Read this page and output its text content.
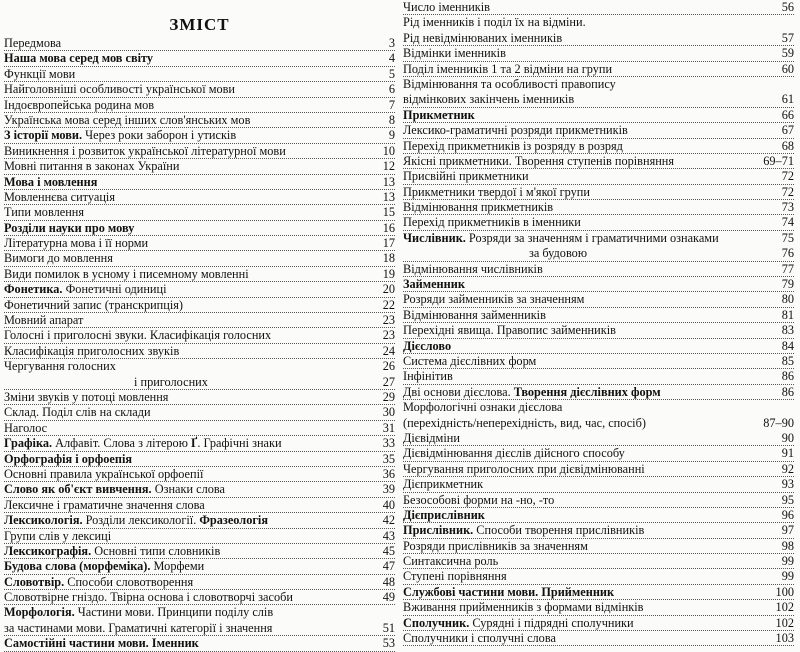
ЗМІСТ
Передмова	3
Наша мова серед мов світу	4
Функції мови	5
Найголовніші особливості української мови	6
Індоєвропейська родина мов	7
Українська мова серед інших слов'янських мов	8
З історії мови. Через роки заборон і утисків	9
Виникнення і розвиток української літературної мови	10
Мовні питання в законах України	12
Мова і мовлення	13
Мовленнєва ситуація	13
Типи мовлення	15
Розділи науки про мову	16
Літературна мова і її норми	17
Вимоги до мовлення	18
Види помилок в усному і писемному мовленні	19
Фонетика. Фонетичні одиниці	20
Фонетичний запис (транскрипція)	22
Мовний апарат	23
Голосні і приголосні звуки. Класифікація голосних	23
Класифікація приголосних звуків	24
Чергування голосних	26
і приголосних	27
Зміни звуків у потоці мовлення	29
Склад. Поділ слів на склади	30
Наголос	31
Графіка. Алфавіт. Слова з літерою Ґ. Графічні знаки	33
Орфографія і орфоепія	35
Основні правила української орфоепії	36
Слово як об'єкт вивчення. Ознаки слова	39
Лексичне і граматичне значення слова	40
Лексикологія. Розділи лексикології. Фразеологія	42
Групи слів у лексиці	43
Лексикографія. Основні типи словників	45
Будова слова (морфеміка). Морфеми	47
Словотвір. Способи словотворення	48
Словотвірне гніздо. Твірна основа і словотворчі засоби	49
Морфологія. Частини мови. Принципи поділу слів
за частинами мови. Граматичні категорії і значення	51
Самостійні частини мови. Іменник	53
Число іменників	56
Рід іменників і поділ їх на відміни.
Рід невідмінюваних іменників	57
Відмінки іменників	59
Поділ іменників 1 та 2 відміни на групи	60
Відмінювання та особливості правопису
відмінкових закінчень іменників	61
Прикметник	66
Лексико-граматичні розряди прикметників	67
Перехід прикметників із розряду в розряд	68
Якісні прикметники. Творення ступенів порівняння	69–71
Присвійні прикметники	72
Прикметники твердої і м'якої групи	72
Відмінювання прикметників	73
Перехід прикметників в іменники	74
Числівник. Розряди за значенням і граматичними ознаками	75
за будовою	76
Відмінювання числівників	77
Займенник	79
Розряди займенників за значенням	80
Відмінювання займенників	81
Перехідні явища. Правопис займенників	83
Дієслово	84
Система дієслівних форм	85
Інфінітив	86
Дві основи дієслова. Творення дієслівних форм	86
Морфологічні ознаки дієслова
(перехідність/неперехідність, вид, час, спосіб)	87–90
Дієвідміни	90
Дієвідмінювання дієслів дійсного способу	91
Чергування приголосних при дієвідмінюванні	92
Дієприкметник	93
Безособові форми на -но, -то	95
Дієприслівник	96
Прислівник. Способи творення прислівників	97
Розряди прислівників за значенням	98
Синтаксична роль	99
Ступені порівняння	99
Службові частини мови. Прийменник	100
Вживання прийменників з формами відмінків	102
Сполучник. Сурядні і підрядні сполучники	102
Сполучники і сполучні слова	103
